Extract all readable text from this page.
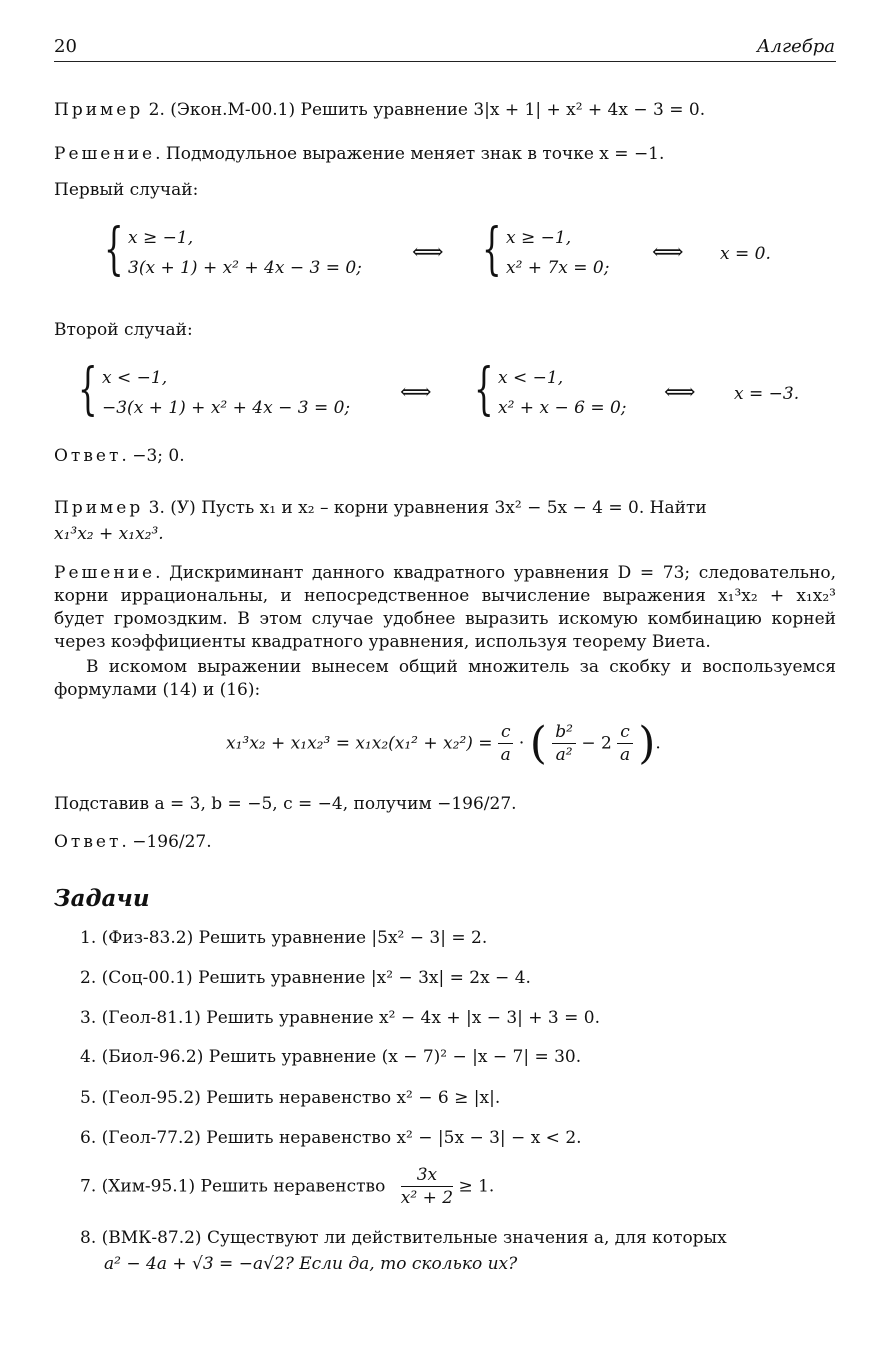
20	Алгебра
Пример 2. (Экон.М-00.1) Решить уравнение 3|x + 1| + x² + 4x − 3 = 0.
Решение. Подмодульное выражение меняет знак в точке x = −1.
Первый случай:
{ x ≥ −1,
3(x + 1) + x² + 4x − 3 = 0;
⟺ { x ≥ −1,
x² + 7x = 0;
⟺ x = 0.
Второй случай:
{ x < −1,
−3(x + 1) + x² + 4x − 3 = 0;
⟺ { x < −1,
x² + x − 6 = 0;
⟺ x = −3.
Ответ. −3; 0.
Пример 3. (У) Пусть x₁ и x₂ – корни уравнения 3x² − 5x − 4 = 0. Найти
x₁³x₂ + x₁x₂³.
Решение. Дискриминант данного квадратного уравнения D = 73; следовательно, корни иррациональны, и непосредственное вычисление выражения x₁³x₂ + x₁x₂³ будет громоздким. В этом случае удобнее выразить искомую комбинацию корней через коэффициенты квадратного уравнения, используя теорему Виета.
В искомом выражении вынесем общий множитель за скобку и воспользуемся формулами (14) и (16):
$x_1^3x_2 + x_1x_2^3 = x_1x_2(x_1^2 + x_2^2) = \frac{c}{a}$ · ( $\frac{\text{b²}}{\text{a²}} - 2 \frac{c}{a}$ ).
Подставив a = 3, b = −5, c = −4, получим −196/27.
Ответ. −196/27.
Задачи
1. (Физ-83.2) Решить уравнение |5x² − 3| = 2.
2. (Соц-00.1) Решить уравнение |x² − 3x| = 2x − 4.
3. (Геол-81.1) Решить уравнение x² − 4x + |x − 3| + 3 = 0.
4. (Биол-96.2) Решить уравнение (x − 7)² − |x − 7| = 30.
5. (Геол-95.2) Решить неравенство x² − 6 ≥ |x|.
6. (Геол-77.2) Решить неравенство x² − |5x − 3| − x < 2.
7. (Хим-95.1) Решить неравенство $\frac{3x}{\text{x² + 2}} \ge 1$.
8. (ВМК-87.2) Существуют ли действительные значения a, для которых
a² − 4a + √3 = −a√2? Если да, то сколько их?
